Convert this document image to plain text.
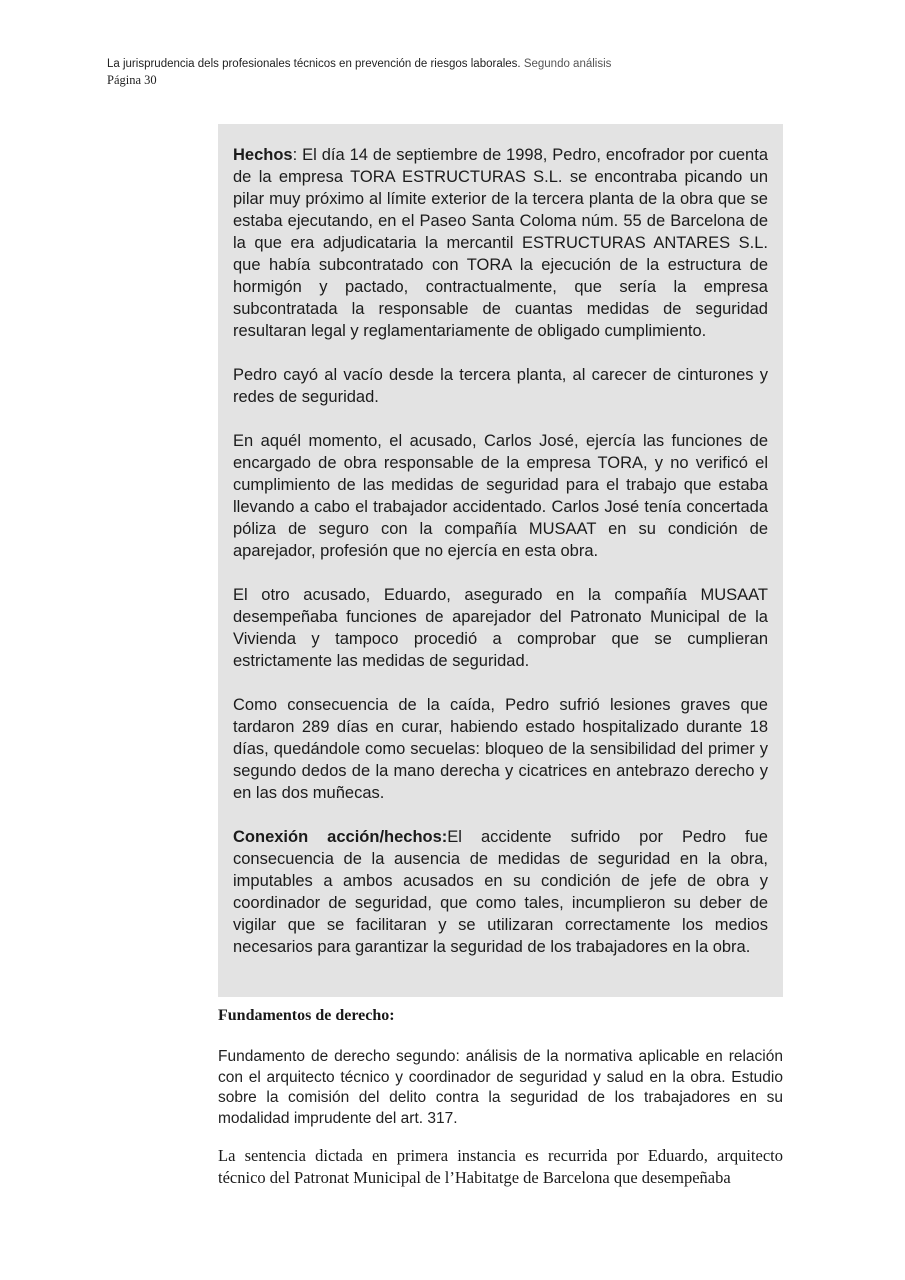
La jurisprudencia dels profesionales técnicos en prevención de riesgos laborales. Segundo análisis
Página 30

Hechos: El día 14 de septiembre de 1998, Pedro, encofrador por cuenta de la empresa TORA ESTRUCTURAS S.L. se encontraba picando un pilar muy próximo al límite exterior de la tercera planta de la obra que se estaba ejecutando, en el Paseo Santa Coloma núm. 55 de Barcelona de la que era adjudicataria la mercantil ESTRUCTURAS ANTARES S.L. que había subcontratado con TORA la ejecución de la estructura de hormigón y pactado, contractualmente, que sería la empresa subcontratada la responsable de cuantas medidas de seguridad resultaran legal y reglamentariamente de obligado cumplimiento.

Pedro cayó al vacío desde la tercera planta, al carecer de cinturones y redes de seguridad.

En aquél momento, el acusado, Carlos José, ejercía las funciones de encargado de obra responsable de la empresa TORA, y no verificó el cumplimiento de las medidas de seguridad para el trabajo que estaba llevando a cabo el trabajador accidentado. Carlos José tenía concertada póliza de seguro con la compañía MUSAAT en su condición de aparejador, profesión que no ejercía en esta obra.

El otro acusado, Eduardo, asegurado en la compañía MUSAAT desempeñaba funciones de aparejador del Patronato Municipal de la Vivienda y tampoco procedió a comprobar que se cumplieran estrictamente las medidas de seguridad.

Como consecuencia de la caída, Pedro sufrió lesiones graves que tardaron 289 días en curar, habiendo estado hospitalizado durante 18 días, quedándole como secuelas: bloqueo de la sensibilidad del primer y segundo dedos de la mano derecha y cicatrices en antebrazo derecho y en las dos muñecas.

Conexión acción/hechos:El accidente sufrido por Pedro fue consecuencia de la ausencia de medidas de seguridad en la obra, imputables a ambos acusados en su condición de jefe de obra y coordinador de seguridad, que como tales, incumplieron su deber de vigilar que se facilitaran y se utilizaran correctamente los medios necesarios para garantizar la seguridad de los trabajadores en la obra.

Fundamentos de derecho:

Fundamento de derecho segundo: análisis de la normativa aplicable en relación con el arquitecto técnico y coordinador de seguridad y salud en la obra. Estudio sobre la comisión del delito contra la seguridad de los trabajadores en su modalidad imprudente del art. 317.

La sentencia dictada en primera instancia es recurrida por Eduardo, arquitecto técnico del Patronat Municipal de l’Habitatge de Barcelona que desempeñaba
